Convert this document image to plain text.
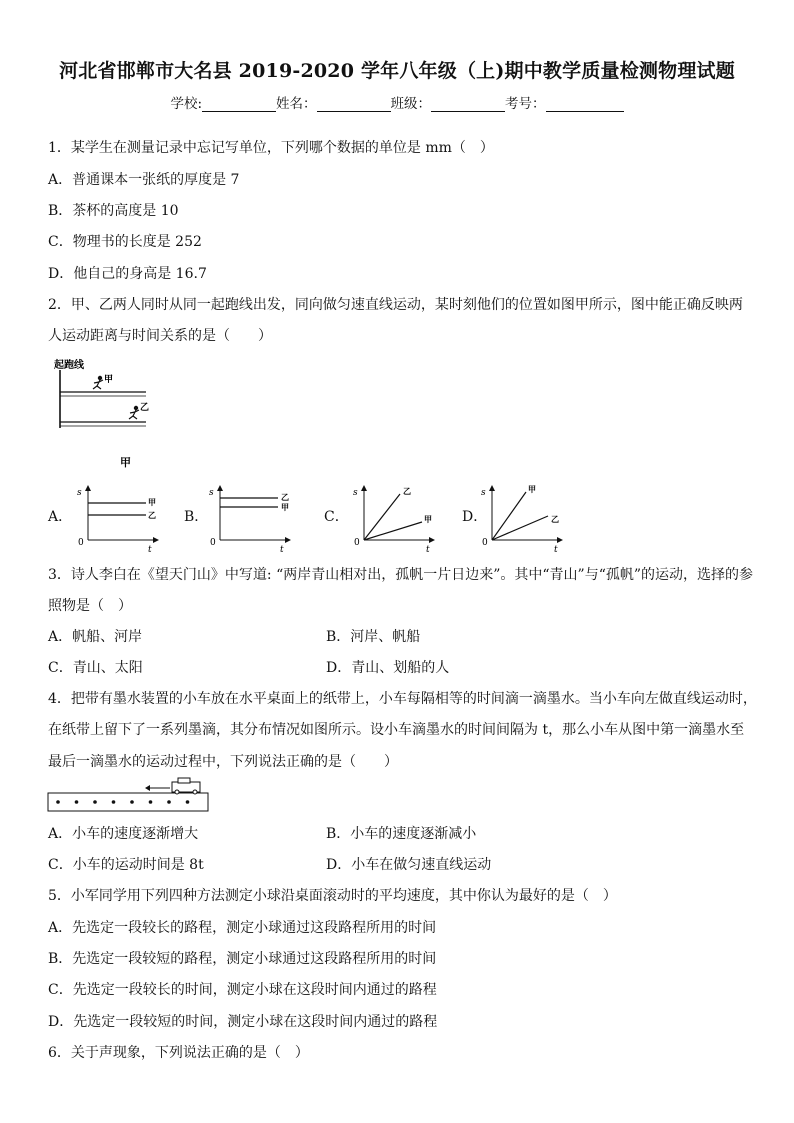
河北省邯郸市大名县 2019-2020 学年八年级（上)期中教学质量检测物理试题
学校:	姓名：	班级：	考号：
1．某学生在测量记录中忘记写单位，下列哪个数据的单位是 mm（　）
A．普通课本一张纸的厚度是 7
B．茶杯的高度是 10
C．物理书的长度是 252
D．他自己的身高是 16.7
2．甲、乙两人同时从同一起跑线出发，同向做匀速直线运动，某时刻他们的位置如图甲所示，图中能正确反映两
人运动距离与时间关系的是（　　）
起跑线
甲
乙
甲
A．	B．	C．	D．
s
t
0
甲
乙
s
t
0
乙
甲
s
t
0
乙
甲
s
t
0
甲
乙
3．诗人李白在《望天门山》中写道: “两岸青山相对出，孤帆一片日边来”。其中“青山”与“孤帆”的运动，选择的参
照物是（　）
A．帆船、河岸	B．河岸、帆船
C．青山、太阳	D．青山、划船的人
4．把带有墨水装置的小车放在水平桌面上的纸带上，小车每隔相等的时间滴一滴墨水。当小车向左做直线运动时，
在纸带上留下了一系列墨滴，其分布情况如图所示。设小车滴墨水的时间间隔为 t，那么小车从图中第一滴墨水至
最后一滴墨水的运动过程中，下列说法正确的是（　　）
A．小车的速度逐渐增大	B．小车的速度逐渐减小
C．小车的运动时间是 8t	D．小车在做匀速直线运动
5．小军同学用下列四种方法测定小球沿桌面滚动时的平均速度，其中你认为最好的是（　）
A．先选定一段较长的路程，测定小球通过这段路程所用的时间
B．先选定一段较短的路程，测定小球通过这段路程所用的时间
C．先选定一段较长的时间，测定小球在这段时间内通过的路程
D．先选定一段较短的时间，测定小球在这段时间内通过的路程
6．关于声现象，下列说法正确的是（　）
